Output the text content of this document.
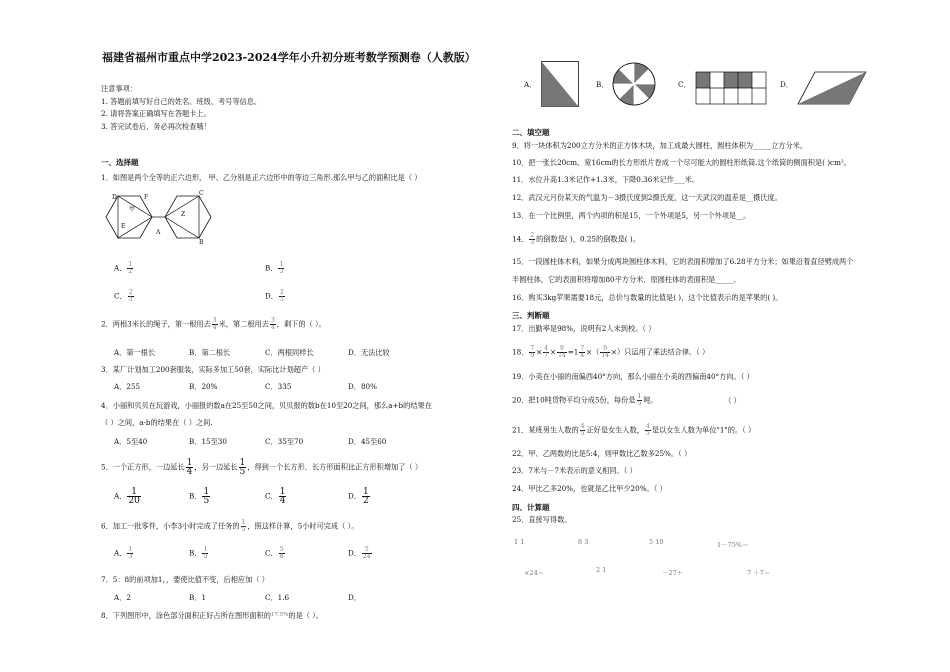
福建省福州市重点中学2023-2024学年小升初分班考数学预测卷（人教版）
注意事项：
1. 答题前填写好自己的姓名、班级、考号等信息。
2. 请将答案正确填写在答题卡上。
3. 答完试卷后，务必再次检查哦！
一、选择题
1．如图是两个全等的正六边形， 甲、乙分别是正六边形中的等边三角形.那么甲与乙的面积比是（ ）
D	F
E
甲
C
Z
A
B
A． $\frac{1}{2}$	B． $\frac{1}{3}$
C． $\frac{2}{3}$	D． $\frac{2}{5}$
2．两根3米长的绳子，第一根用去 $\frac{3}{4}$ 米，第二根用去 $\frac{3}{4}$ ，剩下的（ ）。
A．第一根长	B．第二根长	C．两根同样长	D．无法比较
3．某厂计划加工200套服装，实际多加工50套，实际比计划超产（ ）
A．255	B．20%	C．335	D．80%
4．小丽和贝贝在玩游戏，小丽报的数a在25至50之间，贝贝报的数b在10至20之间，那么a+b的结果在
（ ）之间，a-b的结果在（ ）之间.
A．5至40	B．15至30	C．35至70	D．45至60
5．一个正方形，一边延长 $\frac{1}{4}$ ，另一边延长 $\frac{1}{5}$ ，得到一个长方形．长方形面积比正方形积增加了（ ）
A． $\frac{1}{20}$	B． $\frac{1}{5}$	C． $\frac{1}{4}$	D． $\frac{1}{2}$
6．加工一批零件，小李3小时完成了任务的 $\frac{1}{5}$ ，照这样计算，5小时可完成（ ）。
A． $\frac{1}{3}$	B． $\frac{1}{5}$	C． $\frac{5}{8}$	D． $\frac{5}{24}$
7．5：8的前项加1，，要使比值不变，后相应加（ ）
A．2	B．1	C．1.6	D．
8．下列图形中，涂色部分面积正好占所在图形面积的$^{17.5\%}$的是（ ）。
A．	B．	C．	D．
二、填空题
9．将一块体积为200立方分米的正方体木块，加工成最大圆柱，圆柱体积为_____立方分米。
10．把一张长20cm、宽16cm的长方形纸片卷成一个尽可能大的圆柱形纸筒.这个纸筒的侧面积是( )cm²。
11．水位升高1.3米记作+1.3米，下降0.36米记作___米。
12．武汉元月份某天的气温为－3摄氏度到2摄氏度，这一天武汉的温差是__摄氏度。
13．在一个比例里，两个内项的积是15，一个外项是5，另一个外项是__。
14． $\frac{2}{3}$ 的倒数是( )，0.25的倒数是( )。
15．一段圆柱体木料，如果分成两块圆柱体木料，它的表面积增加了6.28平方分米；如果沿着直径劈成两个
半圆柱体，它的表面积将增加80平方分米．原圆柱体的表面积是_____。
16．购买3kg苹果需要18元，总价与数量的比值是( )，这个比值表示的是苹果的( )。
三、判断题
17．出勤率是98%，说明有2人未到校。（ ）
18． $\frac{7}{9} \times \frac{4}{7} \times \frac{9}{14} =1 \frac{7}{4}$ ×（ $\frac{9}{14}$ ×）只运用了乘法结合律。（ ）
19．小美在小丽的南偏西40°方向，那么小丽在小美的西偏南40°方向。（ ）
20．把10吨货物平均分成5份，每份是 $\frac{1}{5}$ 吨。	（ ）
21．某班男生人数的 $\frac{4}{5}$ 正好是女生人数， $\frac{4}{5}$ 是以女生人数为单位"1"的。（ ）
22．甲、乙两数的比是5:4，则甲数比乙数多25%。（ ）
23．7米与－7米表示的意义相同。（ ）
24．甲比乙多20%，也就是乙比甲少20%。（ ）
四、计算题
25．直接写得数。
1 1	8 3	5 10	1－75%＝
×24＝	2 1	－27÷	7 ＋7＝
